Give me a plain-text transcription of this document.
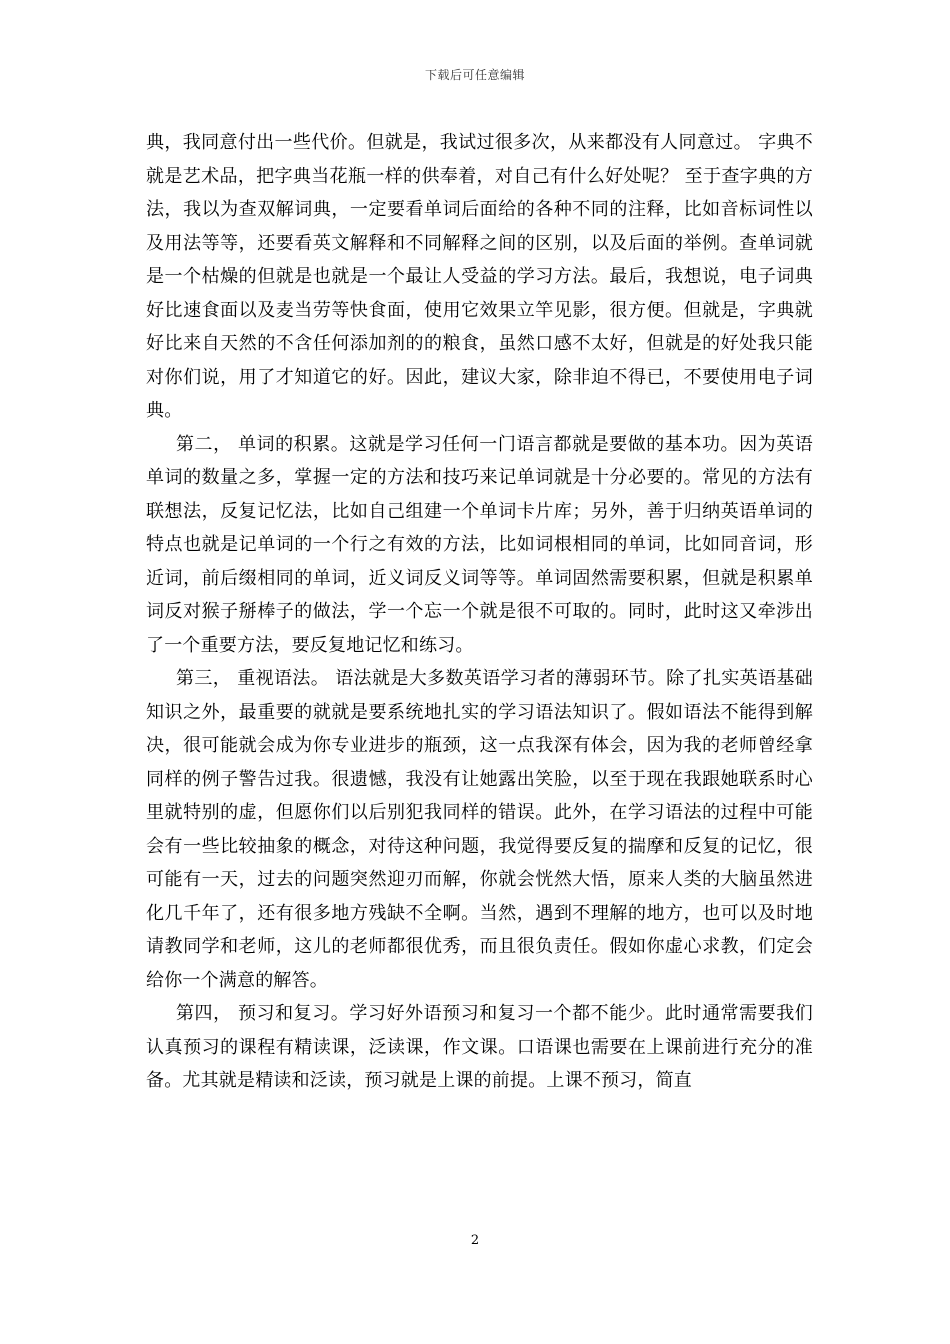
下载后可任意编辑

典，我同意付出一些代价。但就是，我试过很多次，从来都没有人同意过。 字典不就是艺术品，把字典当花瓶一样的供奉着，对自己有什么好处呢？ 至于查字典的方法，我以为查双解词典，一定要看单词后面给的各种不同的注释，比如音标词性以及用法等等，还要看英文解释和不同解释之间的区别，以及后面的举例。查单词就是一个枯燥的但就是也就是一个最让人受益的学习方法。最后，我想说，电子词典好比速食面以及麦当劳等快食面，使用它效果立竿见影，很方便。但就是，字典就好比来自天然的不含任何添加剂的的粮食，虽然口感不太好，但就是的好处我只能对你们说，用了才知道它的好。因此，建议大家，除非迫不得已，不要使用电子词典。

第二， 单词的积累。这就是学习任何一门语言都就是要做的基本功。因为英语单词的数量之多，掌握一定的方法和技巧来记单词就是十分必要的。常见的方法有联想法，反复记忆法，比如自己组建一个单词卡片库；另外，善于归纳英语单词的特点也就是记单词的一个行之有效的方法，比如词根相同的单词，比如同音词，形近词，前后缀相同的单词，近义词反义词等等。单词固然需要积累，但就是积累单词反对猴子掰棒子的做法，学一个忘一个就是很不可取的。同时，此时这又牵涉出了一个重要方法，要反复地记忆和练习。

第三， 重视语法。 语法就是大多数英语学习者的薄弱环节。除了扎实英语基础知识之外，最重要的就就是要系统地扎实的学习语法知识了。假如语法不能得到解决，很可能就会成为你专业进步的瓶颈，这一点我深有体会，因为我的老师曾经拿同样的例子警告过我。很遗憾，我没有让她露出笑脸，以至于现在我跟她联系时心里就特别的虚，但愿你们以后别犯我同样的错误。此外，在学习语法的过程中可能会有一些比较抽象的概念，对待这种问题，我觉得要反复的揣摩和反复的记忆，很可能有一天，过去的问题突然迎刃而解，你就会恍然大悟，原来人类的大脑虽然进化几千年了，还有很多地方残缺不全啊。当然，遇到不理解的地方，也可以及时地请教同学和老师，这儿的老师都很优秀，而且很负责任。假如你虚心求教，们定会给你一个满意的解答。

第四， 预习和复习。学习好外语预习和复习一个都不能少。此时通常需要我们认真预习的课程有精读课，泛读课，作文课。口语课也需要在上课前进行充分的准备。尤其就是精读和泛读，预习就是上课的前提。上课不预习，简直

2
